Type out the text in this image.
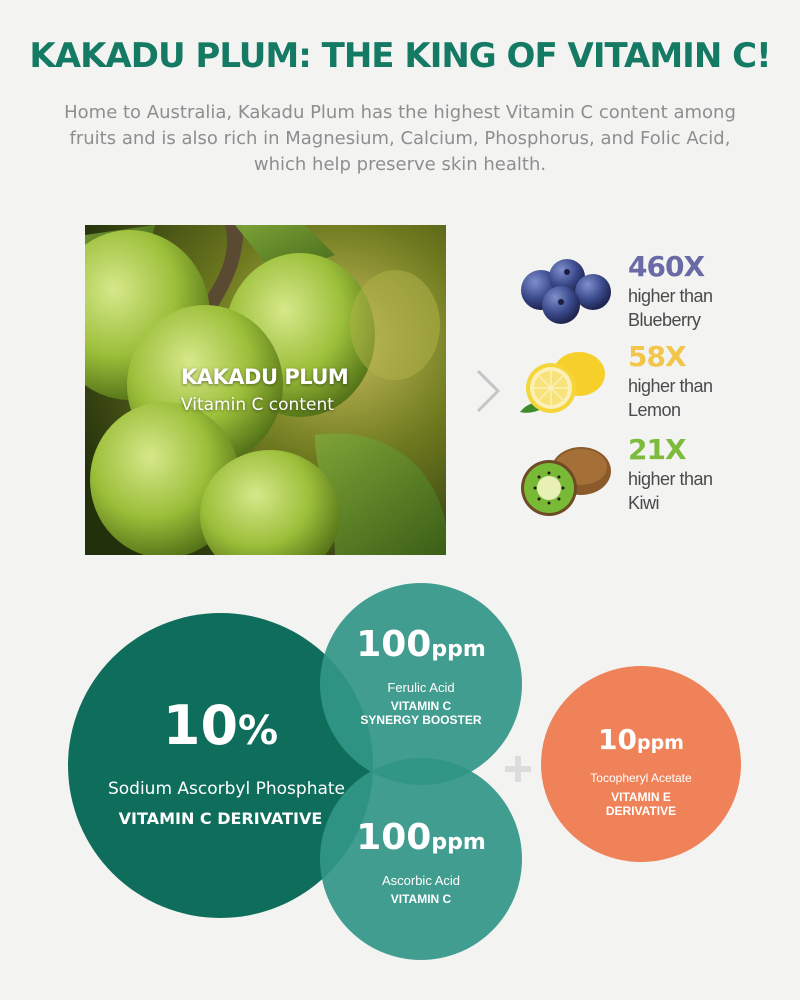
KAKADU PLUM: THE KING OF VITAMIN C!

Home to Australia, Kakadu Plum has the highest Vitamin C content among fruits and is also rich in Magnesium, Calcium, Phosphorus, and Folic Acid, which help preserve skin health.

KAKADU PLUM
Vitamin C content
460X
higher than
Blueberry
58X
higher than
Lemon
21X
higher than
Kiwi
10%
Sodium Ascorbyl Phosphate
VITAMIN C DERIVATIVE
100ppm
Ferulic Acid
VITAMIN C
SYNERGY BOOSTER
100ppm
Ascorbic Acid
VITAMIN C
10ppm
Tocopheryl Acetate
VITAMIN E
DERIVATIVE
